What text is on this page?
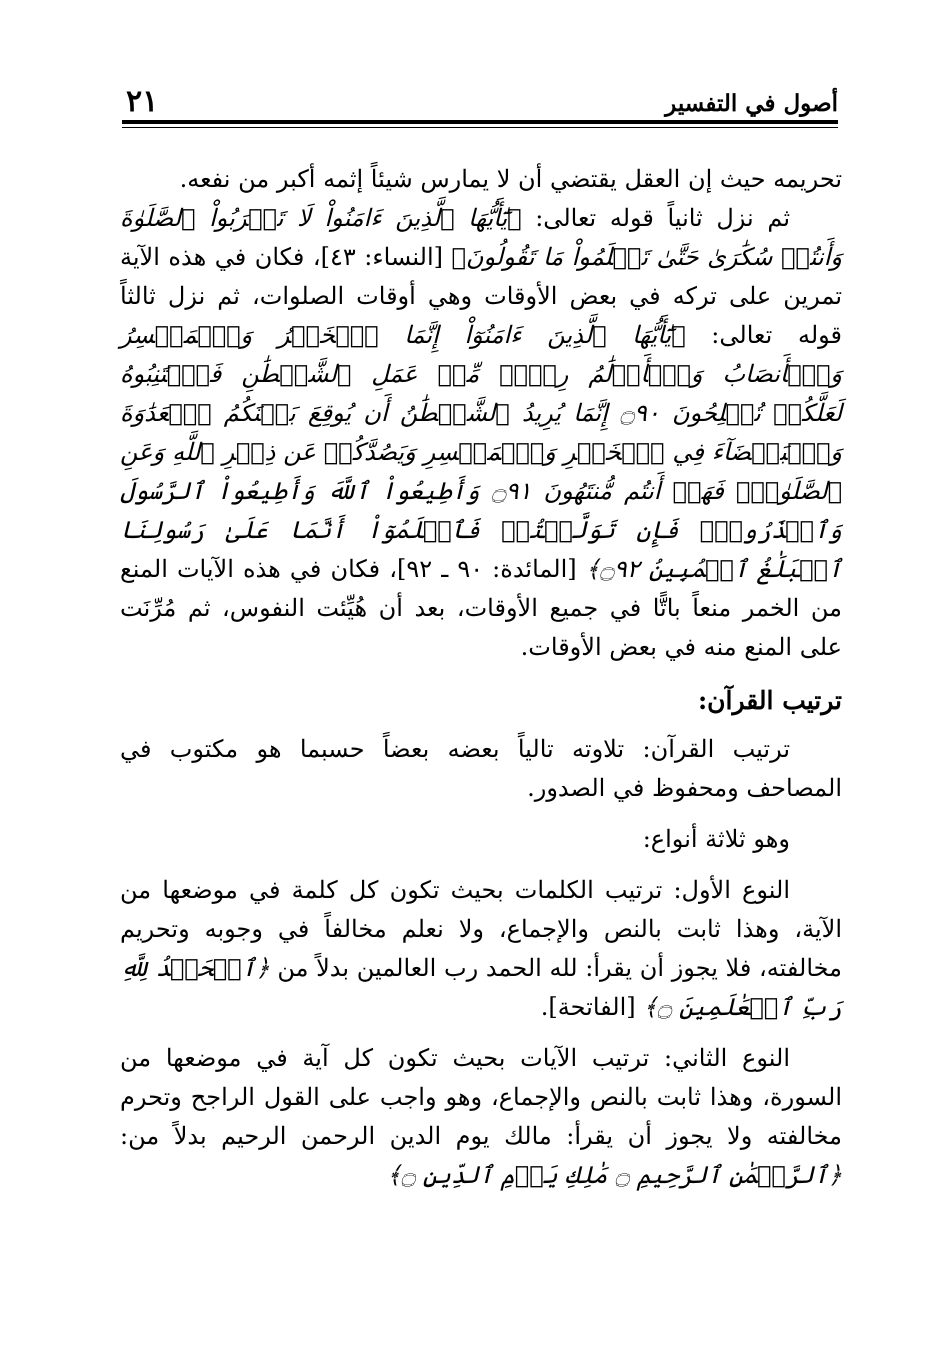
أصول في التفسير
٢١

تحريمه حيث إن العقل يقتضي أن لا يمارس شيئاً إثمه أكبر من نفعه.

ثم نزل ثانياً قوله تعالى: ﴿يَٰٓأَيُّهَا ٱلَّذِينَ ءَامَنُواْ لَا تَقۡرَبُواْ ٱلصَّلَوٰةَ وَأَنتُمۡ سُكَٰرَىٰ حَتَّىٰ تَعۡلَمُواْ مَا تَقُولُونَ﴾ [النساء: ٤٣]، فكان في هذه الآية تمرين على تركه في بعض الأوقات وهي أوقات الصلوات، ثم نزل ثالثاً قوله تعالى: ﴿يَٰٓأَيُّهَا ٱلَّذِينَ ءَامَنُوٓاْ إِنَّمَا ٱلۡخَمۡرُ وَٱلۡمَيۡسِرُ وَٱلۡأَنصَابُ وَٱلۡأَزۡلَٰمُ رِجۡسٞ مِّنۡ عَمَلِ ٱلشَّيۡطَٰنِ فَٱجۡتَنِبُوهُ لَعَلَّكُمۡ تُفۡلِحُونَ ۝٩٠ إِنَّمَا يُرِيدُ ٱلشَّيۡطَٰنُ أَن يُوقِعَ بَيۡنَكُمُ ٱلۡعَدَٰوَةَ وَٱلۡبَغۡضَآءَ فِي ٱلۡخَمۡرِ وَٱلۡمَيۡسِرِ وَيَصُدَّكُمۡ عَن ذِكۡرِ ٱللَّهِ وَعَنِ ٱلصَّلَوٰةِۖ فَهَلۡ أَنتُم مُّنتَهُونَ ۝٩١ وَأَطِيعُواْ ٱللَّهَ وَأَطِيعُواْ ٱلرَّسُولَ وَٱحۡذَرُواْۚ فَإِن تَوَلَّيۡتُمۡ فَٱعۡلَمُوٓاْ أَنَّمَا عَلَىٰ رَسُولِنَا ٱلۡبَلَٰغُ ٱلۡمُبِينُ ۝٩٢﴾ [المائدة: ٩٠ ـ ٩٢]، فكان في هذه الآيات المنع من الخمر منعاً باتًّا في جميع الأوقات، بعد أن هُيِّئت النفوس، ثم مُرِّنَت على المنع منه في بعض الأوقات.

ترتيب القرآن:

ترتيب القرآن: تلاوته تالياً بعضه بعضاً حسبما هو مكتوب في المصاحف ومحفوظ في الصدور.

وهو ثلاثة أنواع:

النوع الأول: ترتيب الكلمات بحيث تكون كل كلمة في موضعها من الآية، وهذا ثابت بالنص والإجماع، ولا نعلم مخالفاً في وجوبه وتحريم مخالفته، فلا يجوز أن يقرأ: لله الحمد رب العالمين بدلاً من ﴿ٱلۡحَمۡدُ لِلَّهِ رَبِّ ٱلۡعَٰلَمِينَ ۝﴾ [الفاتحة].

النوع الثاني: ترتيب الآيات بحيث تكون كل آية في موضعها من السورة، وهذا ثابت بالنص والإجماع، وهو واجب على القول الراجح وتحرم مخالفته ولا يجوز أن يقرأ: مالك يوم الدين الرحمن الرحيم بدلاً من: ﴿ٱلرَّحۡمَٰنِ ٱلرَّحِيمِ ۝ مَٰلِكِ يَوۡمِ ٱلدِّينِ ۝﴾
